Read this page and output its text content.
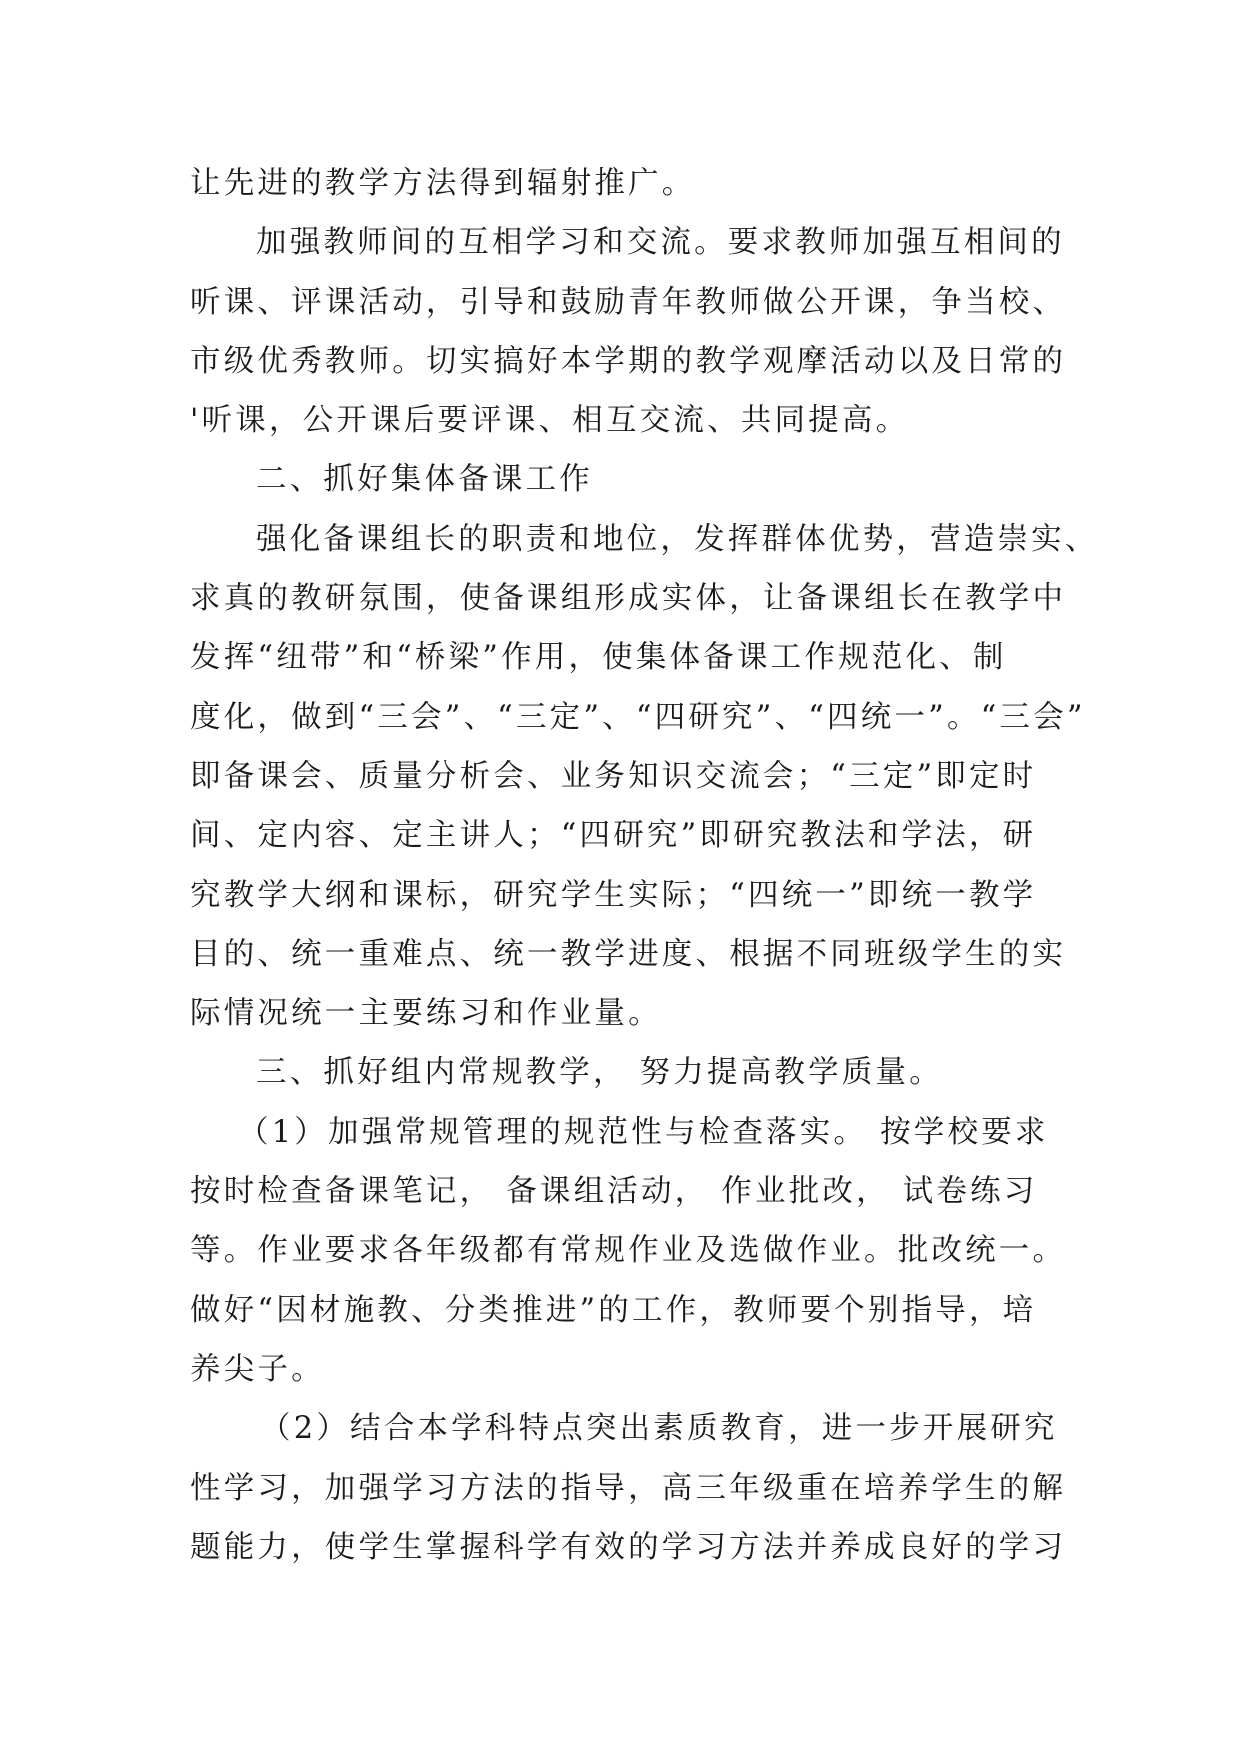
让先进的教学方法得到辐射推广。
加强教师间的互相学习和交流。要求教师加强互相间的
听课、评课活动，引导和鼓励青年教师做公开课，争当校、
市级优秀教师。切实搞好本学期的教学观摩活动以及日常的
'听课，公开课后要评课、相互交流、共同提高。
二、抓好集体备课工作
强化备课组长的职责和地位，发挥群体优势，营造崇实、
求真的教研氛围，使备课组形成实体，让备课组长在教学中
发挥“纽带”和“桥梁”作用，使集体备课工作规范化、制
度化，做到“三会”、“三定”、“四研究”、“四统一”。“三会”
即备课会、质量分析会、业务知识交流会；“三定”即定时
间、定内容、定主讲人；“四研究”即研究教法和学法，研
究教学大纲和课标，研究学生实际；“四统一”即统一教学
目的、统一重难点、统一教学进度、根据不同班级学生的实
际情况统一主要练习和作业量。
三、抓好组内常规教学， 努力提高教学质量。
（1）加强常规管理的规范性与检查落实。 按学校要求
按时检查备课笔记， 备课组活动， 作业批改， 试卷练习
等。作业要求各年级都有常规作业及选做作业。批改统一。
做好“因材施教、分类推进”的工作，教师要个别指导，培
养尖子。
（2）结合本学科特点突出素质教育，进一步开展研究
性学习，加强学习方法的指导，高三年级重在培养学生的解
题能力，使学生掌握科学有效的学习方法并养成良好的学习
